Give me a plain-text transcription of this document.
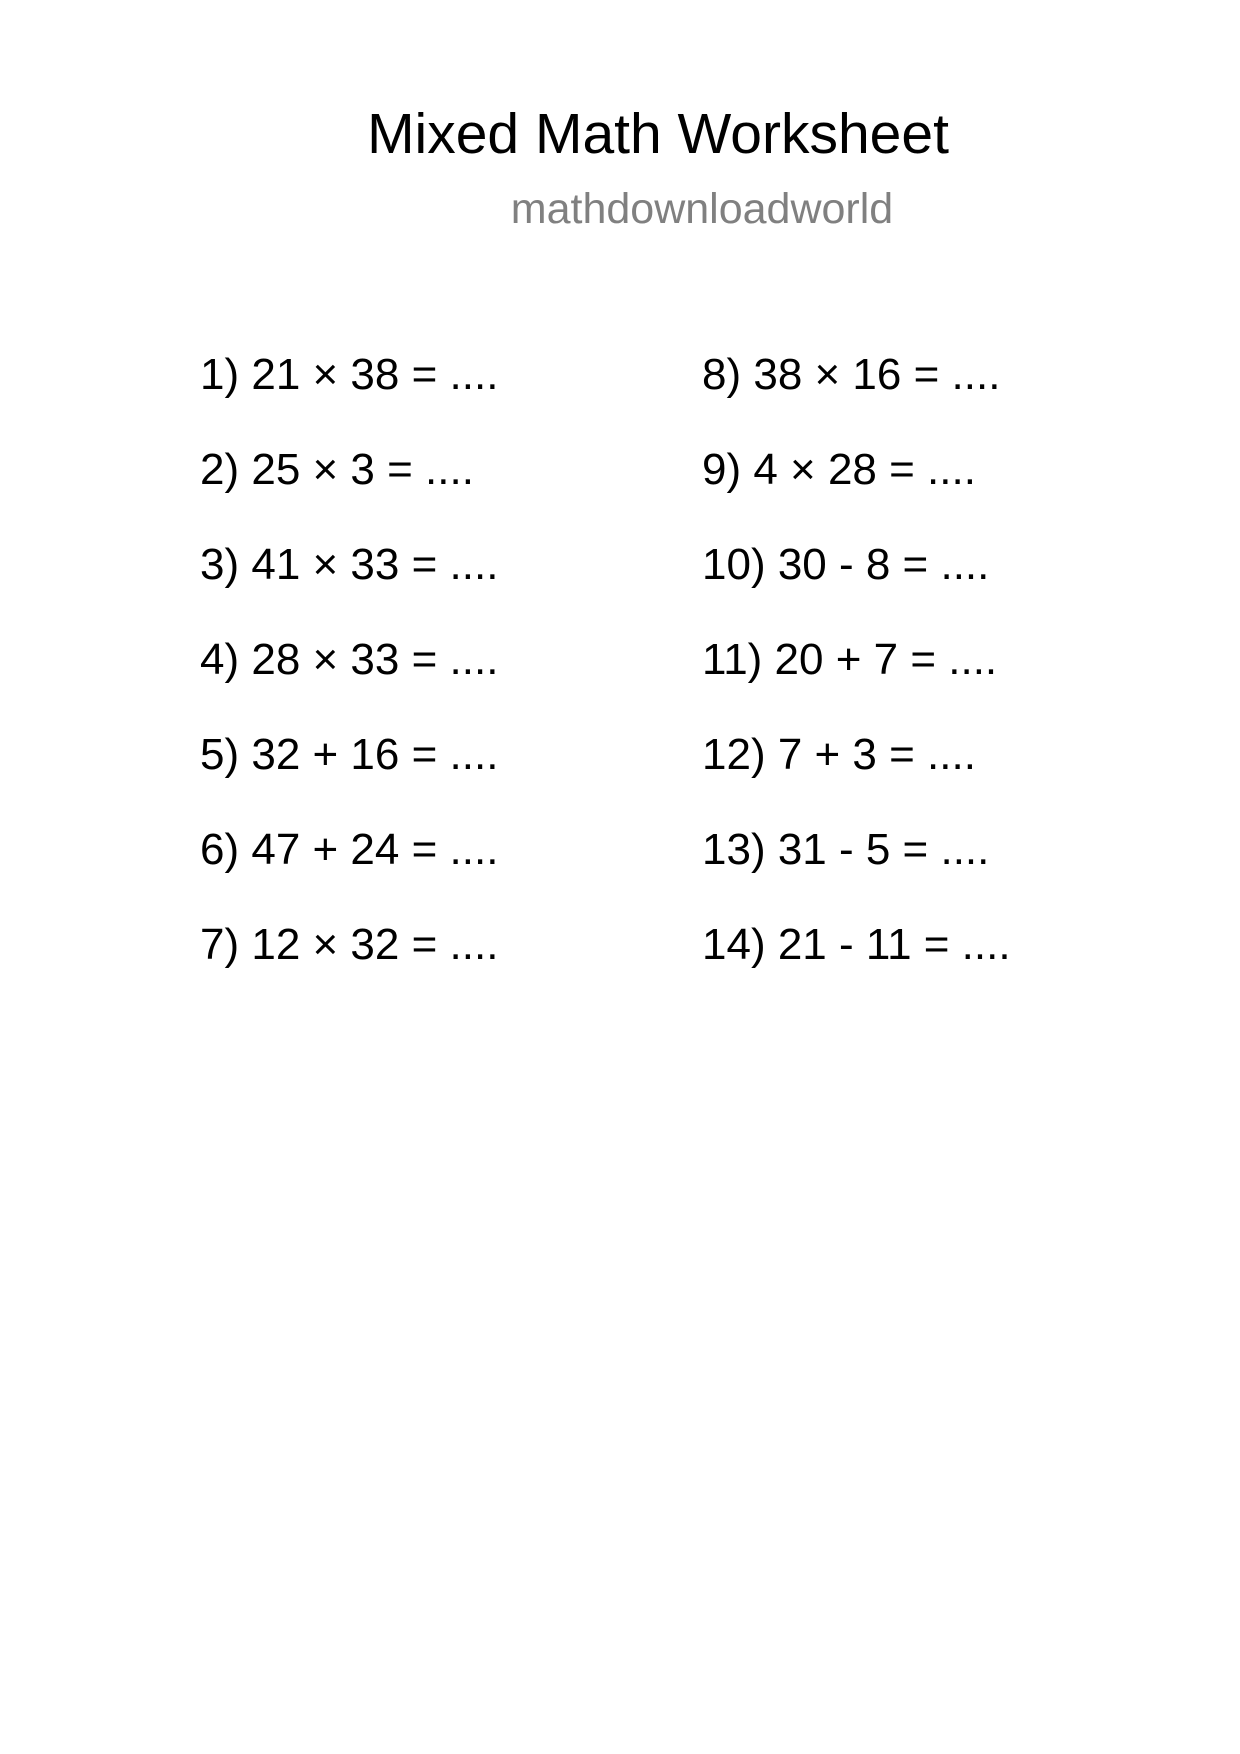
Mixed Math Worksheet
mathdownloadworld
1) 21 × 38 = ....
2) 25 × 3 = ....
3) 41 × 33 = ....
4) 28 × 33 = ....
5) 32 + 16 = ....
6) 47 + 24 = ....
7) 12 × 32 = ....
8) 38 × 16 = ....
9) 4 × 28 = ....
10) 30 - 8 = ....
11) 20 + 7 = ....
12) 7 + 3 = ....
13) 31 - 5 = ....
14) 21 - 11 = ....
